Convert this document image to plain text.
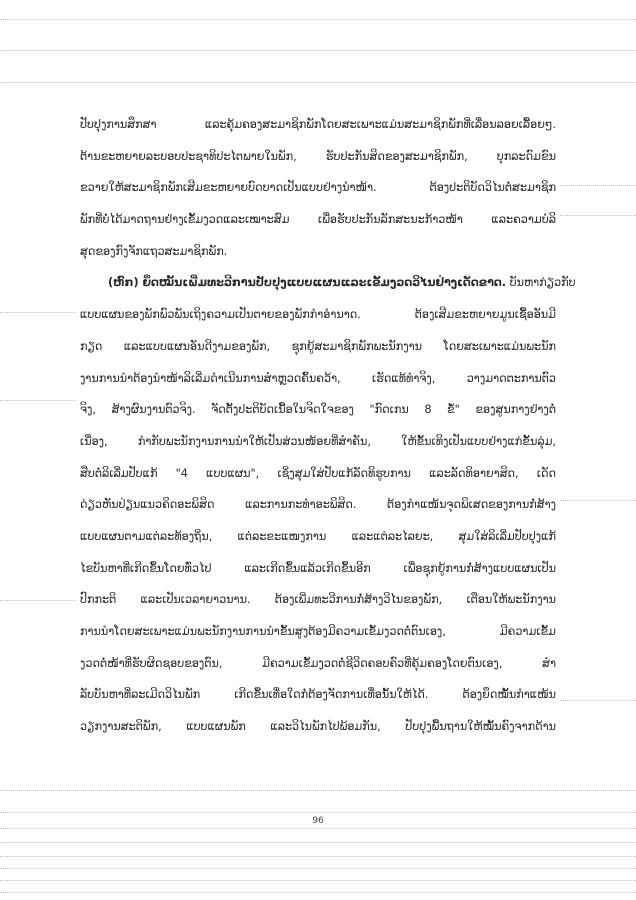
ປັບປຸງການສຶກສາ ແລະຄຸ້ມຄອງສະມາຊິກພັກໂດຍສະເພາະແມ່ນສະມາຊິກພັກທີ່ເລື່ອນລອຍເລື້ອຍໆ.
ຕ້ານຂະຫຍາຍລະບອບປະຊາທິປະໄຕພາຍໃນພັກ, ຮັບປະກັນສິດຂອງສະມາຊິກພັກ, ບຸກລະດົມຂົນ
ຂວາຍໃຫ້ສະມາຊິກພັກເສີມຂະຫຍາຍບົດບາດເປັນແບບຢ່າງນຳໜ້າ. ຕ້ອງປະຕິບັດວິໄນຕໍ່ສະມາຊິກ
ພັກທີ່ບໍ່ໄດ້ມາດຖານຢ່າງເຂັ້ມງວດແລະເໝາະສົມ ເພື່ອຮັບປະກັນລັກສະນະກ້າວໜ້າ ແລະຄວາມບໍລິ
ສຸດຂອງກົງຈັກແຖວສະມາຊິກພັກ.
(ຫົກ) ຍຶດໝັ້ນເພີ່ມທະວີການປັບປຸງແບບແຜນແລະເຂັ້ມງວດວິໄນຢ່າງເດັດຂາດ. ບັນຫາກ່ຽວກັບ
ແບບແຜນຂອງພັກພົວພັນເຖິງຄວາມເປັນຕາຍຂອງພັກກຳອຳນາດ. ຕ້ອງເສີມຂະຫຍາຍມູນເຊື້ອອັນມີ
ກຽດ ແລະແບບແຜນອັນດີງາມຂອງພັກ, ຊຸກຍູ້ສະມາຊິກພັກພະນັກງານ ໂດຍສະເພາະແມ່ນພະນັກ
ງານການນຳຕ້ອງນຳໜ້າລິເລີ່ມດຳເນີນການສຳຫຼວດຄົ້ນຄວ້າ, ເຮັດແທ້ທຳຈິງ, ວາງມາດຕະການຕົວ
ຈິງ, ສ້າງຜົນງານຕົວຈິງ. ຈັດຕັ້ງປະຕິບັດເນື້ອໃນຈິດໃຈຂອງ "ກົດເກນ 8 ຂໍ້" ຂອງສູນກາງຢ່າງຕໍ່
ເນື່ອງ, ກຳກັບພະນັກງານການນຳໃຫ້ເປັນສ່ວນໜ້ອຍທີ່ສຳຄັນ, ໃຫ້ຂັ້ນເທິງເປັນແບບຢ່າງແກ່ຂັ້ນລຸ່ມ,
ສືບຕໍ່ລິເລີ່ມປັບແກ້ "4 ແບບແຜນ", ເຊິ່ງສຸມໃສ່ປັບແກ້ລັດທິຮູບການ ແລະລັດທິອາຍາສິດ, ເດັດ
ດ່ຽວຫັນປ່ຽນແນວຄິດອະພິສິດ ແລະການກະທຳອະພິສິດ. ຕ້ອງກຳແໜ້ນຈຸດພິເສດຂອງການກໍ່ສ້າງ
ແບບແຜນຕາມແຕ່ລະທ້ອງຖິ່ນ, ແຕ່ລະຂະແໜງການ ແລະແຕ່ລະໄລຍະ, ສຸມໃສ່ລິເລີ່ມປັບປຸງແກ້
ໄຂບັນຫາທີ່ເກີດຂຶ້ນໂດຍທົ່ວໄປ ແລະເກີດຂຶ້ນແລ້ວເກີດຂຶ້ນອີກ ເພື່ອຊຸກຍູ້ການກໍ່ສ້າງແບບແຜນເປັນ
ປົກກະຕິ ແລະເປັນເວລາຍາວນານ. ຕ້ອງເພີ່ມທະວີການກໍ່ສ້າງວິໄນຂອງພັກ, ເຕືອນໃຫ້ພະນັກງານ
ການນຳໂດຍສະເພາະແມ່ນພະນັກງານການນຳຂັ້ນສູງຕ້ອງມີຄວາມເຂັ້ມງວດຕໍ່ຕົນເອງ, ມີຄວາມເຂັ້ມ
ງວດຕໍ່ໜ້າທີ່ຮັບຜິດຊອບຂອງຕົນ, ມີຄວາມເຂັ້ມງວດຕໍ່ຊີວິດຄອບຄົວທີ່ຄຸ້ມຄອງໂດຍຕົນເອງ, ສຳ
ລັບບັນຫາທີ່ລະເມີດວິໄນພັກ ເກີດຂຶ້ນເທື່ອໃດກໍ່ຕ້ອງຈັດການເທື່ອນັ້ນໃຫ້ໄດ້. ຕ້ອງຍຶດໝັ້ນກຳແໜ້ນ
ວຽກງານສະຕິພັກ, ແບບແຜນພັກ ແລະວິໄນພັກໄປພ້ອມກັນ, ປັບປຸງພື້ນຖານໃຫ້ໝັ້ນຄົງຈາກດ້ານ
96
